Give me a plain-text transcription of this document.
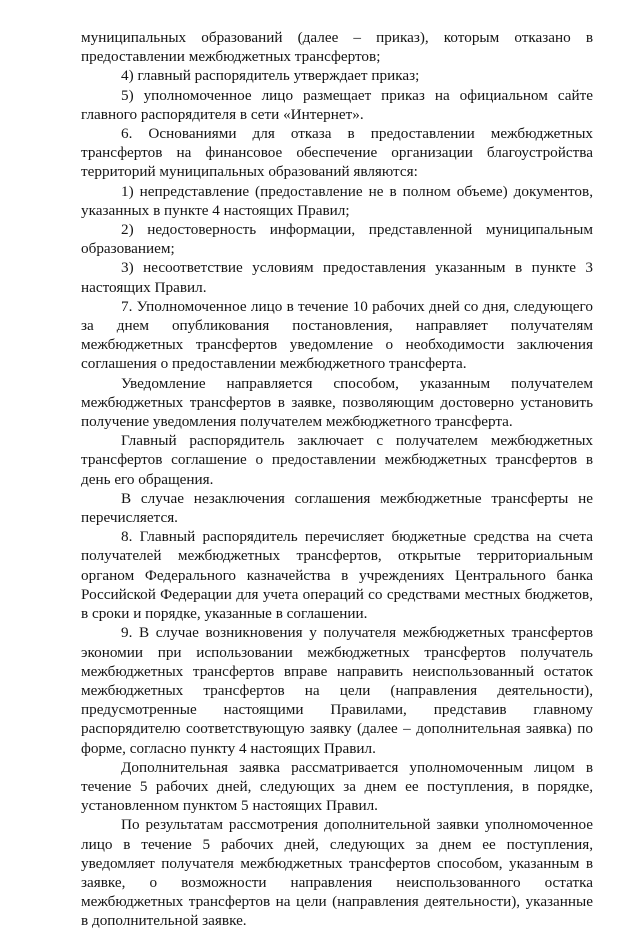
муниципальных образований (далее – приказ), которым отказано в предоставлении межбюджетных трансфертов;

4) главный распорядитель утверждает приказ;

5) уполномоченное лицо размещает приказ на официальном сайте главного распорядителя в сети «Интернет».

6. Основаниями для отказа в предоставлении межбюджетных трансфертов на финансовое обеспечение организации благоустройства территорий муниципальных образований являются:

1) непредставление (предоставление не в полном объеме) документов, указанных в пункте 4 настоящих Правил;

2) недостоверность информации, представленной муниципальным образованием;

3) несоответствие условиям предоставления указанным в пункте 3 настоящих Правил.

7. Уполномоченное лицо в течение 10 рабочих дней со дня, следующего за днем опубликования постановления, направляет получателям межбюджетных трансфертов уведомление о необходимости заключения соглашения о предоставлении межбюджетного трансферта.

Уведомление направляется способом, указанным получателем межбюджетных трансфертов в заявке, позволяющим достоверно установить получение уведомления получателем межбюджетного трансферта.

Главный распорядитель заключает с получателем межбюджетных трансфертов соглашение о предоставлении межбюджетных трансфертов в день его обращения.

В случае незаключения соглашения межбюджетные трансферты не перечисляется.

8. Главный распорядитель перечисляет бюджетные средства на счета получателей межбюджетных трансфертов, открытые территориальным органом Федерального казначейства в учреждениях Центрального банка Российской Федерации для учета операций со средствами местных бюджетов, в сроки и порядке, указанные в соглашении.

9. В случае возникновения у получателя межбюджетных трансфертов экономии при использовании межбюджетных трансфертов получатель межбюджетных трансфертов вправе направить неиспользованный остаток межбюджетных трансфертов на цели (направления деятельности), предусмотренные настоящими Правилами, представив главному распорядителю соответствующую заявку (далее – дополнительная заявка) по форме, согласно пункту 4 настоящих Правил.

Дополнительная заявка рассматривается уполномоченным лицом в течение 5 рабочих дней, следующих за днем ее поступления, в порядке, установленном пунктом 5 настоящих Правил.

По результатам рассмотрения дополнительной заявки уполномоченное лицо в течение 5 рабочих дней, следующих за днем ее поступления, уведомляет получателя межбюджетных трансфертов способом, указанным в заявке, о возможности направления неиспользованного остатка межбюджетных трансфертов на цели (направления деятельности), указанные в дополнительной заявке.
